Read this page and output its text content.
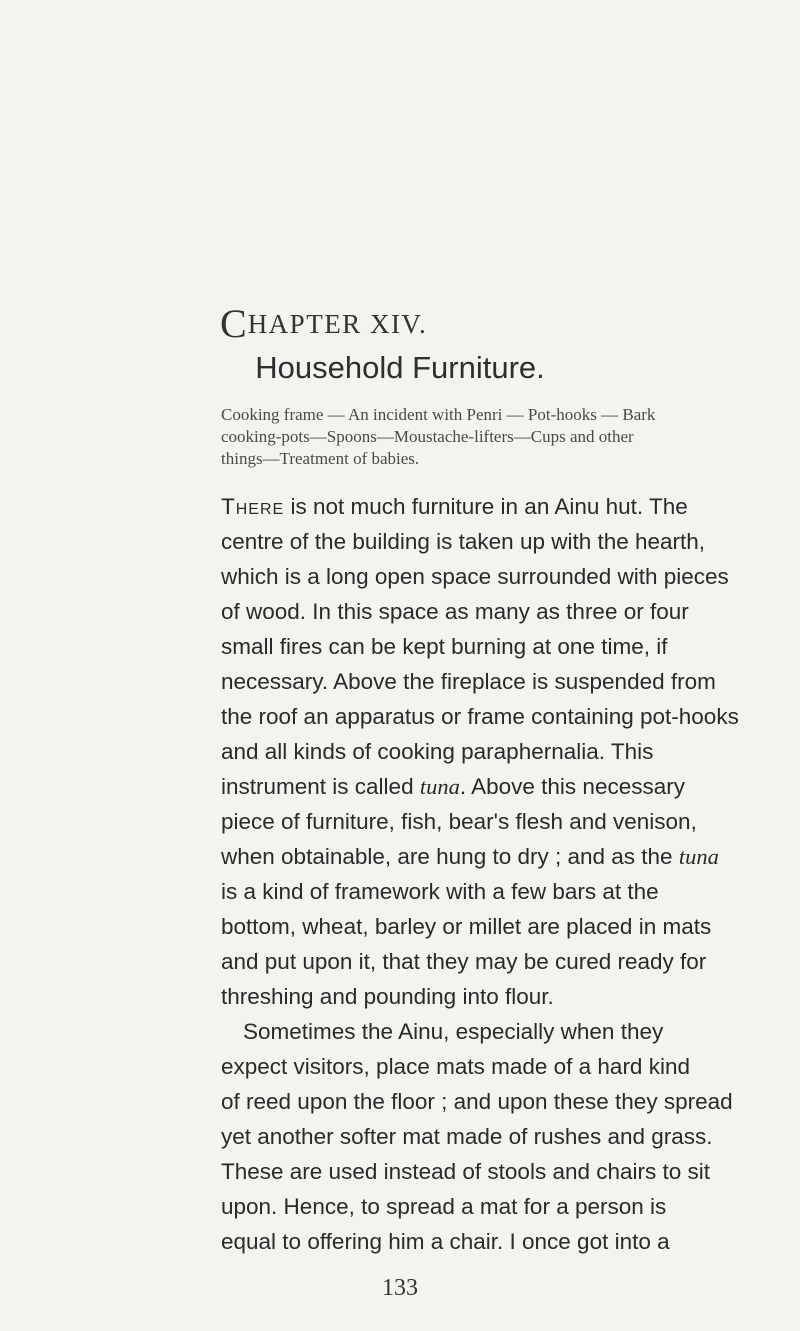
CHAPTER XIV.
Household Furniture.
Cooking frame — An incident with Penri — Pot-hooks — Bark
cooking-pots—Spoons—Moustache-lifters—Cups and other
things—Treatment of babies.
There is not much furniture in an Ainu hut. The
centre of the building is taken up with the hearth,
which is a long open space surrounded with pieces
of wood. In this space as many as three or four
small fires can be kept burning at one time, if
necessary. Above the fireplace is suspended from
the roof an apparatus or frame containing pot-hooks
and all kinds of cooking paraphernalia. This
instrument is called tuna. Above this necessary
piece of furniture, fish, bear's flesh and venison,
when obtainable, are hung to dry ; and as the tuna
is a kind of framework with a few bars at the
bottom, wheat, barley or millet are placed in mats
and put upon it, that they may be cured ready for
threshing and pounding into flour.
Sometimes the Ainu, especially when they
expect visitors, place mats made of a hard kind
of reed upon the floor ; and upon these they spread
yet another softer mat made of rushes and grass.
These are used instead of stools and chairs to sit
upon. Hence, to spread a mat for a person is
equal to offering him a chair. I once got into a
133
